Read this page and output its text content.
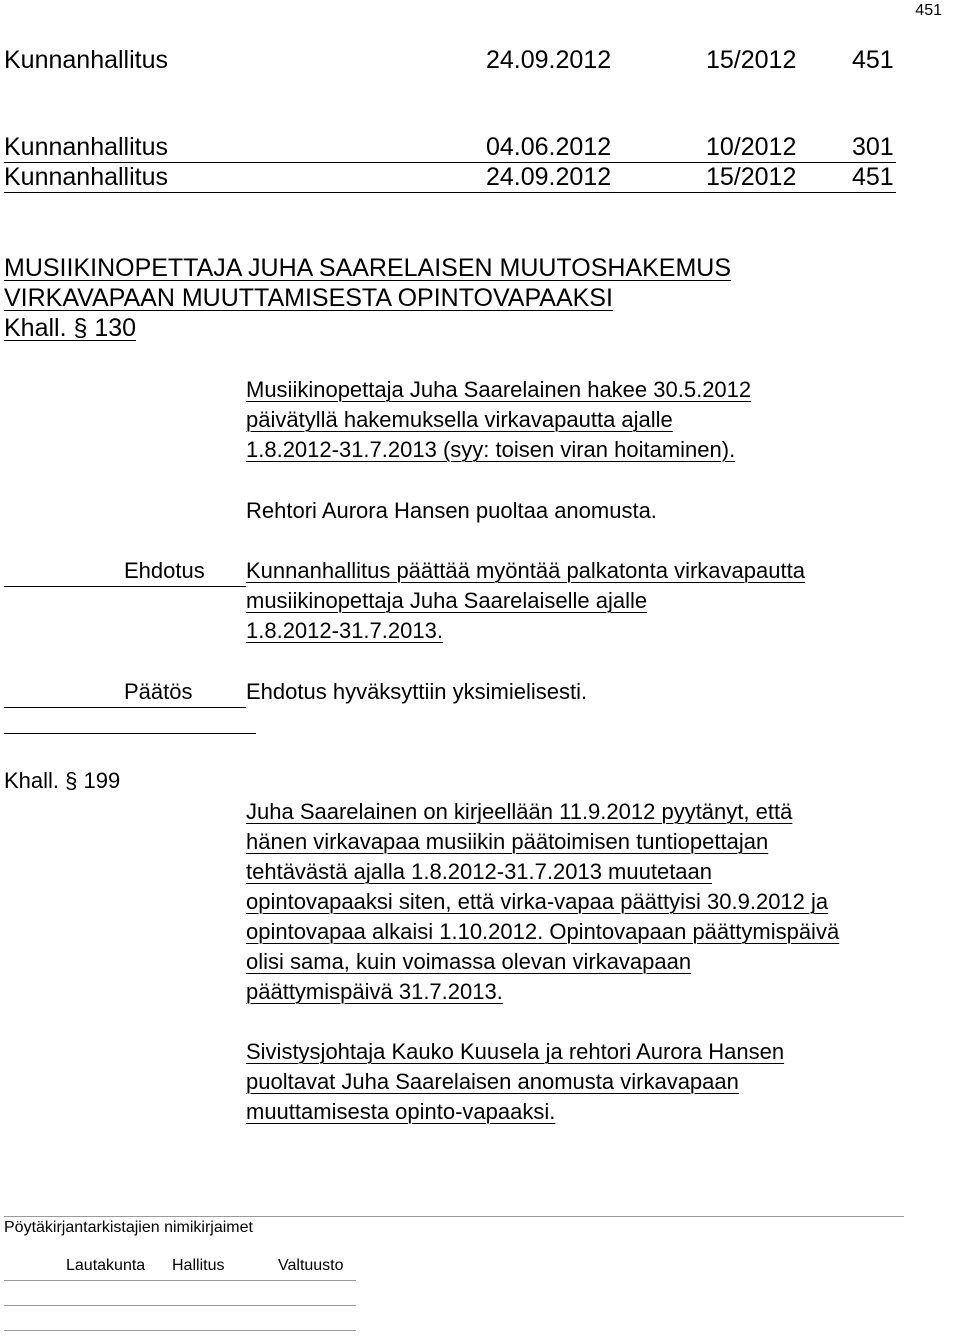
451
Kunnanhallitus	24.09.2012	15/2012 451
Kunnanhallitus	04.06.2012	10/2012 301
Kunnanhallitus	24.09.2012	15/2012 451
MUSIIKINOPETTAJA JUHA SAARELAISEN MUUTOSHAKEMUS
VIRKAVAPAAN MUUTTAMISESTA OPINTOVAPAAKSI
Khall. § 130
Musiikinopettaja Juha Saarelainen hakee 30.5.2012
päivätyllä hakemuksella virkavapautta ajalle
1.8.2012-31.7.2013 (syy: toisen viran hoitaminen).
Rehtori Aurora Hansen puoltaa anomusta.
Ehdotus Kunnanhallitus päättää myöntää palkatonta virkavapautta
musiikinopettaja Juha Saarelaiselle ajalle
1.8.2012-31.7.2013.
Päätös Ehdotus hyväksyttiin yksimielisesti.
Khall. § 199
Juha Saarelainen on kirjeellään 11.9.2012 pyytänyt, että
hänen virkavapaa musiikin päätoimisen tuntiopettajan
tehtävästä ajalla 1.8.2012-31.7.2013 muutetaan
opintovapaaksi siten, että virka-vapaa päättyisi 30.9.2012 ja
opintovapaa alkaisi 1.10.2012. Opintovapaan päättymispäivä
olisi sama, kuin voimassa olevan virkavapaan
päättymispäivä 31.7.2013.
Sivistysjohtaja Kauko Kuusela ja rehtori Aurora Hansen
puoltavat Juha Saarelaisen anomusta virkavapaan
muuttamisesta opinto-vapaaksi.
Pöytäkirjantarkistajien nimikirjaimet
Lautakunta Hallitus	Valtuusto
